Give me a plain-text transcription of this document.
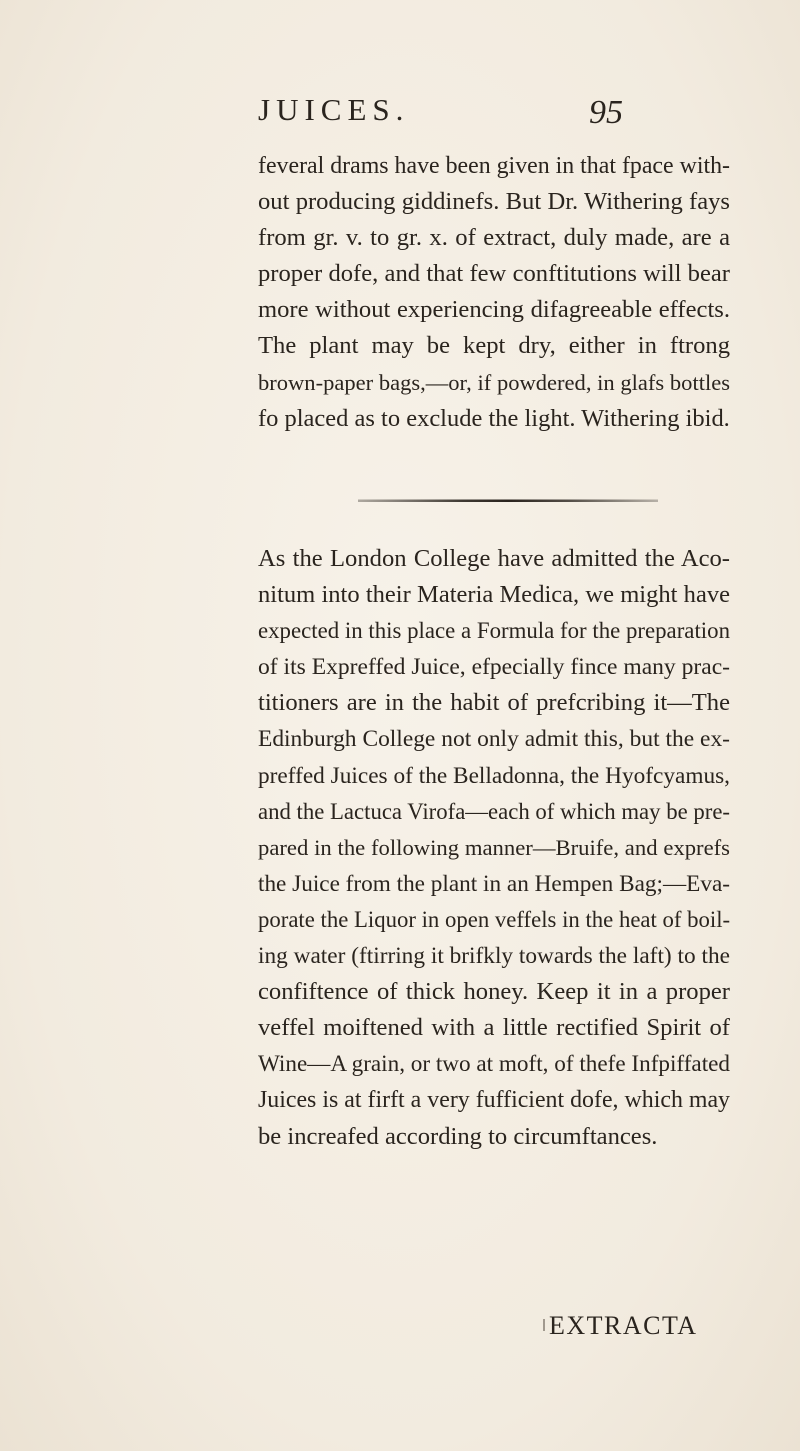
JUICES.	95
feveral drams have been given in that fpace with-
out producing giddinefs. But Dr. Withering fays
from gr. v. to gr. x. of extract, duly made, are a
proper dofe, and that few conftitutions will bear
more without experiencing difagreeable effects.
The plant may be kept dry, either in ftrong
brown-paper bags,—or, if powdered, in glafs bottles
fo placed as to exclude the light. Withering ibid.
As the London College have admitted the Aco-
nitum into their Materia Medica, we might have
expected in this place a Formula for the preparation
of its Expreffed Juice, efpecially fince many prac-
titioners are in the habit of prefcribing it—The
Edinburgh College not only admit this, but the ex-
preffed Juices of the Belladonna, the Hyofcyamus,
and the Lactuca Virofa—each of which may be pre-
pared in the following manner—Bruife, and exprefs
the Juice from the plant in an Hempen Bag;—Eva-
porate the Liquor in open veffels in the heat of boil-
ing water (ftirring it brifkly towards the laft) to the
confiftence of thick honey. Keep it in a proper
veffel moiftened with a little rectified Spirit of
Wine—A grain, or two at moft, of thefe Infpiffated
Juices is at firft a very fufficient dofe, which may
be increafed according to circumftances.
EXTRACTA
